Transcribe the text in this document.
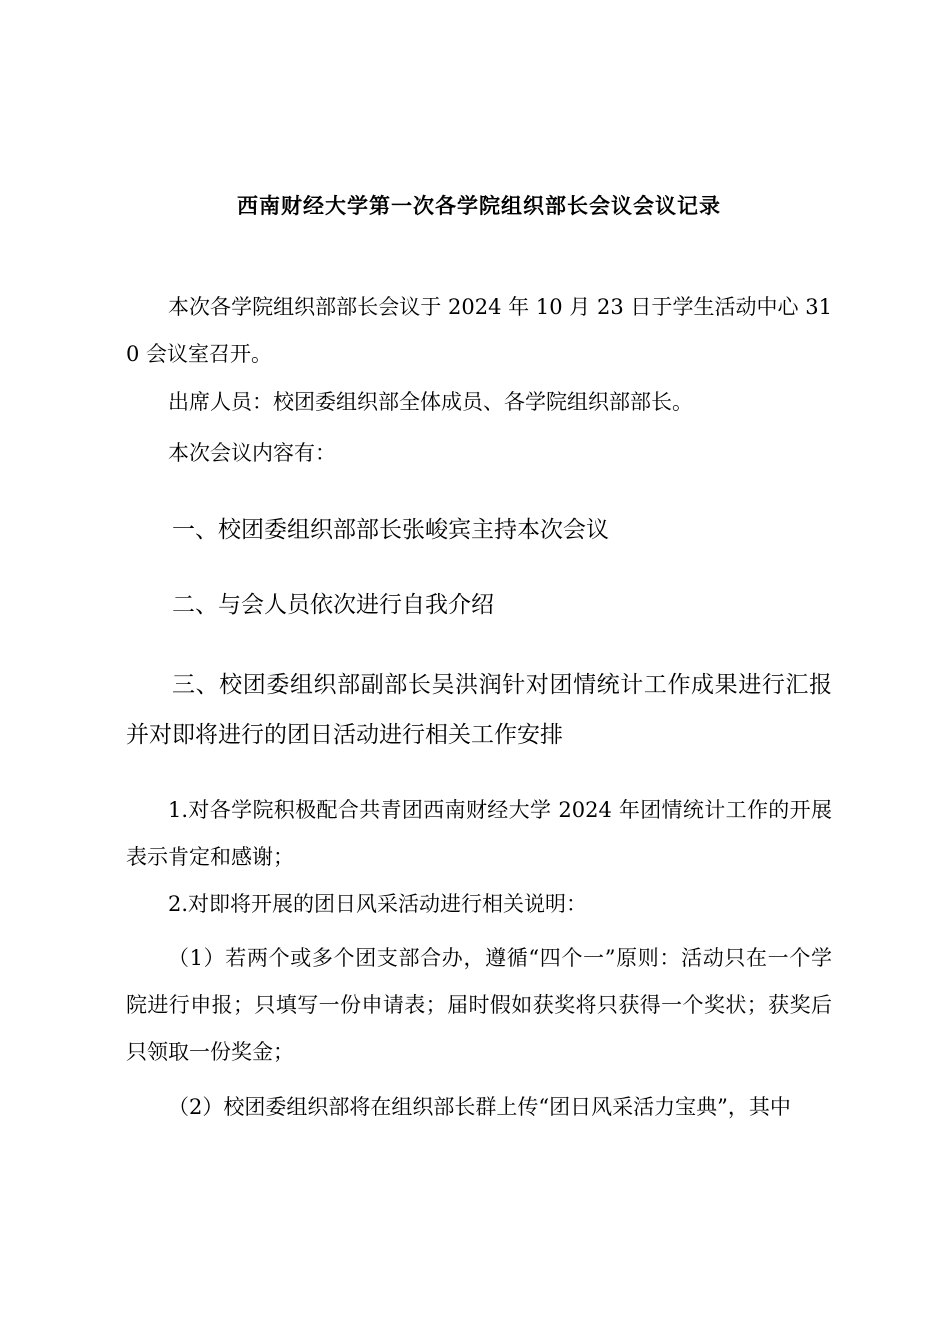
西南财经大学第一次各学院组织部长会议会议记录

本次各学院组织部部长会议于 2024 年 10 月 23 日于学生活动中心 310 会议室召开。

出席人员：校团委组织部全体成员、各学院组织部部长。

本次会议内容有：

一、校团委组织部部长张峻宾主持本次会议

二、与会人员依次进行自我介绍

三、校团委组织部副部长吴洪润针对团情统计工作成果进行汇报并对即将进行的团日活动进行相关工作安排

1.对各学院积极配合共青团西南财经大学 2024 年团情统计工作的开展表示肯定和感谢；

2.对即将开展的团日风采活动进行相关说明：

（1）若两个或多个团支部合办，遵循“四个一”原则：活动只在一个学院进行申报；只填写一份申请表；届时假如获奖将只获得一个奖状；获奖后只领取一份奖金；

（2）校团委组织部将在组织部长群上传“团日风采活力宝典”，其中
